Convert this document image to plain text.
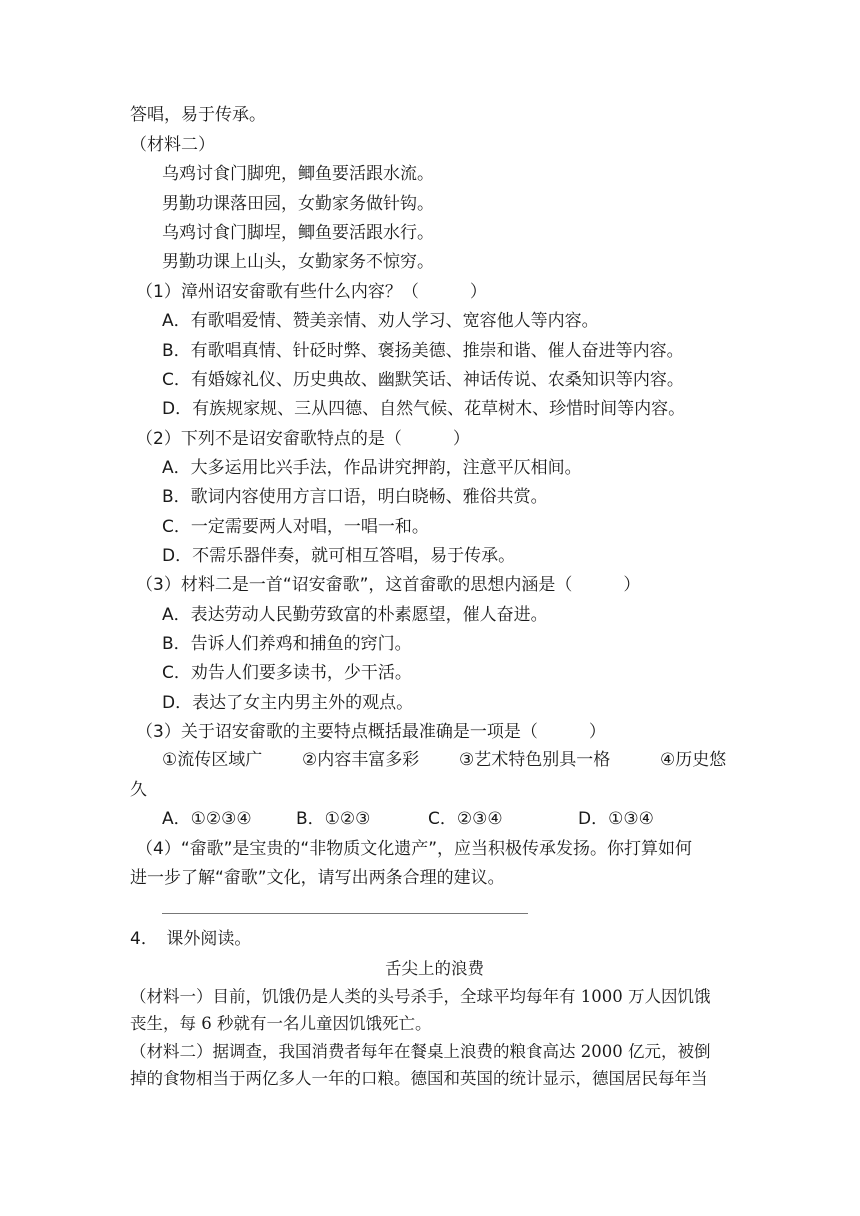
答唱，易于传承。
（材料二）
乌鸡讨食门脚兜，鲫鱼要活跟水流。
男勤功课落田园，女勤家务做针钩。
乌鸡讨食门脚埕，鲫鱼要活跟水行。
男勤功课上山头，女勤家务不惊穷。
（1）漳州诏安畲歌有些什么内容？（　　　）
A．有歌唱爱情、赞美亲情、劝人学习、宽容他人等内容。
B．有歌唱真情、针砭时弊、褒扬美德、推崇和谐、催人奋进等内容。
C．有婚嫁礼仪、历史典故、幽默笑话、神话传说、农桑知识等内容。
D．有族规家规、三从四德、自然气候、花草树木、珍惜时间等内容。
（2）下列不是诏安畲歌特点的是（　　　）
A．大多运用比兴手法，作品讲究押韵，注意平仄相间。
B．歌词内容使用方言口语，明白晓畅、雅俗共赏。
C．一定需要两人对唱，一唱一和。
D．不需乐器伴奏，就可相互答唱，易于传承。
（3）材料二是一首“诏安畲歌”，这首畲歌的思想内涵是（　　　）
A．表达劳动人民勤劳致富的朴素愿望，催人奋进。
B．告诉人们养鸡和捕鱼的窍门。
C．劝告人们要多读书，少干活。
D．表达了女主内男主外的观点。
（3）关于诏安畲歌的主要特点概括最准确是一项是（　　　）
①流传区域广 ②内容丰富多彩 ③艺术特色别具一格	④历史悠
久
A．①②③④	B．①②③	C．②③④	D．①③④
（4）“畲歌”是宝贵的“非物质文化遗产”，应当积极传承发扬。你打算如何
进一步了解“畲歌”文化，请写出两条合理的建议。
4．　课外阅读。
舌尖上的浪费
（材料一）目前，饥饿仍是人类的头号杀手，全球平均每年有 1000 万人因饥饿
丧生，每 6 秒就有一名儿童因饥饿死亡。
（材料二）据调查，我国消费者每年在餐桌上浪费的粮食高达 2000 亿元，被倒
掉的食物相当于两亿多人一年的口粮。德国和英国的统计显示，德国居民每年当
